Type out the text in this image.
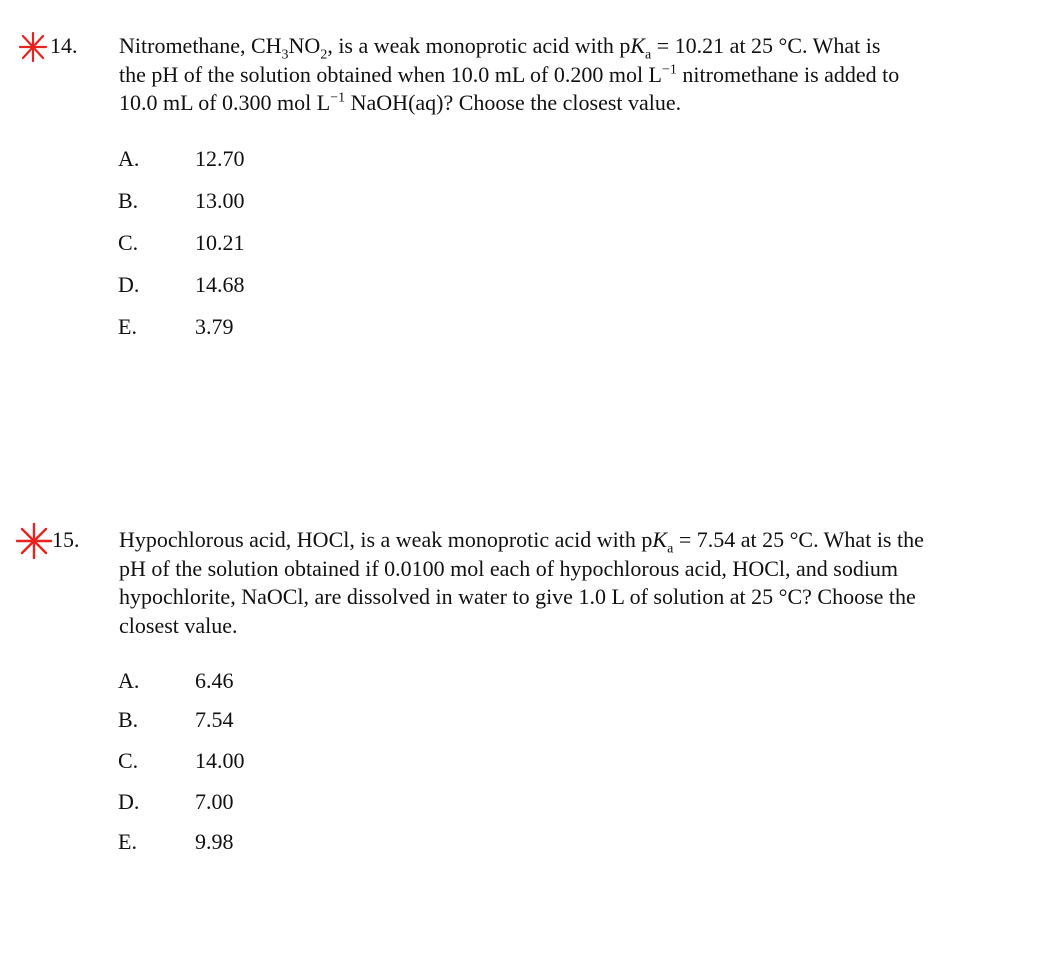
14. Nitromethane, $CH_3NO_2$, is a weak monoprotic acid with $pK_a = 10.21$ at 25 °C. What is
the pH of the solution obtained when 10.0 mL of 0.200 mol $L^{-1}$ nitromethane is added to
10.0 mL of 0.300 mol $L^{-1}$ NaOH(aq)? Choose the closest value.
A.	12.70
B.	13.00
C.	10.21
D.	14.68
E.	3.79
15. Hypochlorous acid, HOCl, is a weak monoprotic acid with $pK_a = 7.54$ at 25 °C. What is the
pH of the solution obtained if 0.0100 mol each of hypochlorous acid, HOCl, and sodium
hypochlorite, NaOCl, are dissolved in water to give 1.0 L of solution at 25 °C? Choose the
closest value.
A.	6.46
B.	7.54
C.	14.00
D.	7.00
E.	9.98
